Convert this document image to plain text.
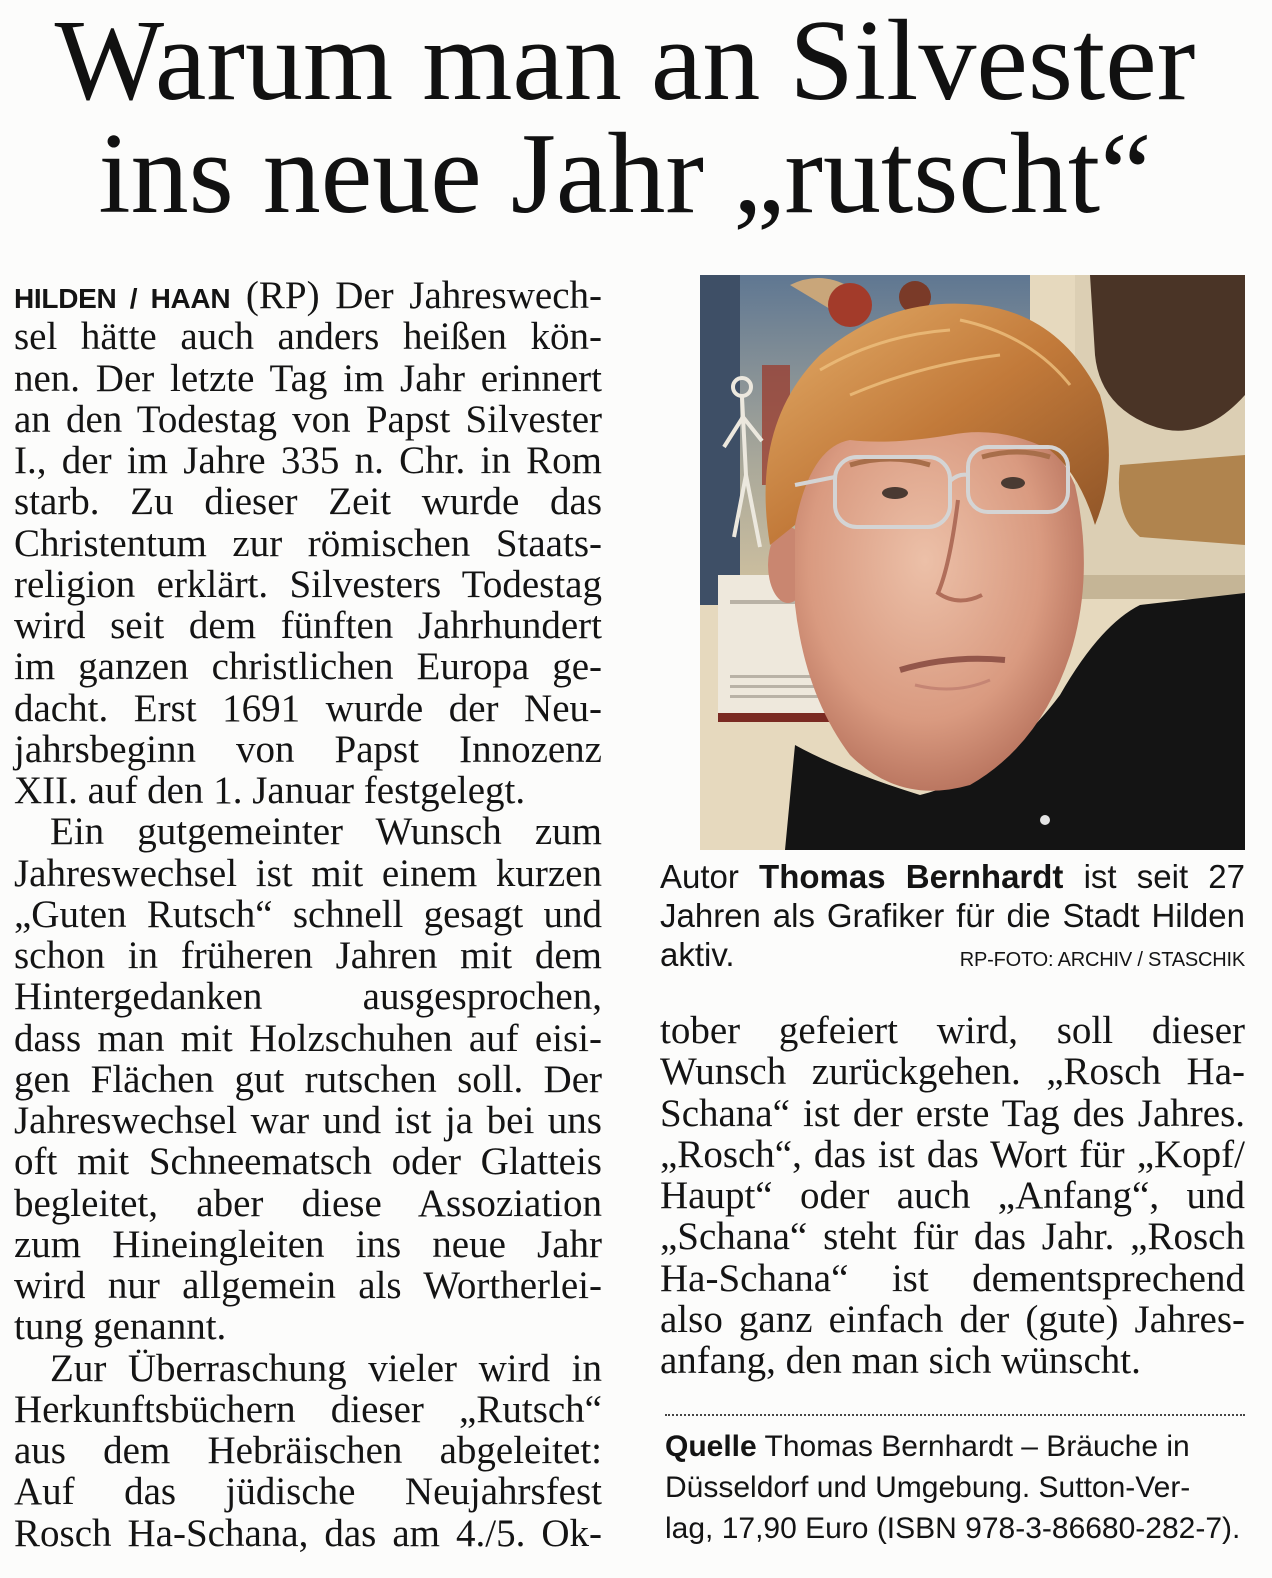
Warum man an Silvester
ins neue Jahr „rutscht“
HILDEN / HAAN (RP) Der Jahreswech-
sel hätte auch anders heißen kön-
nen. Der letzte Tag im Jahr erinnert
an den Todestag von Papst Silvester
I., der im Jahre 335 n. Chr. in Rom
starb. Zu dieser Zeit wurde das
Christentum zur römischen Staats-
religion erklärt. Silvesters Todestag
wird seit dem fünften Jahrhundert
im ganzen christlichen Europa ge-
dacht. Erst 1691 wurde der Neu-
jahrsbeginn von Papst Innozenz
XII. auf den 1. Januar festgelegt.
Ein gutgemeinter Wunsch zum
Jahreswechsel ist mit einem kurzen
„Guten Rutsch“ schnell gesagt und
schon in früheren Jahren mit dem
Hintergedanken ausgesprochen,
dass man mit Holzschuhen auf eisi-
gen Flächen gut rutschen soll. Der
Jahreswechsel war und ist ja bei uns
oft mit Schneematsch oder Glatteis
begleitet, aber diese Assoziation
zum Hineingleiten ins neue Jahr
wird nur allgemein als Wortherlei-
tung genannt.
Zur Überraschung vieler wird in
Herkunftsbüchern dieser „Rutsch“
aus dem Hebräischen abgeleitet:
Auf das jüdische Neujahrsfest
Rosch Ha-Schana, das am 4./5. Ok-
Autor Thomas Bernhardt ist seit 27
Jahren als Grafiker für die Stadt Hilden
aktiv.	RP-FOTO: ARCHIV / STASCHIK
tober gefeiert wird, soll dieser
Wunsch zurückgehen. „Rosch Ha-
Schana“ ist der erste Tag des Jahres.
„Rosch“, das ist das Wort für „Kopf/
Haupt“ oder auch „Anfang“, und
„Schana“ steht für das Jahr. „Rosch
Ha-Schana“ ist dementsprechend
also ganz einfach der (gute) Jahres-
anfang, den man sich wünscht.
Quelle Thomas Bernhardt – Bräuche in
Düsseldorf und Umgebung. Sutton-Ver-
lag, 17,90 Euro (ISBN 978-3-86680-282-7).
